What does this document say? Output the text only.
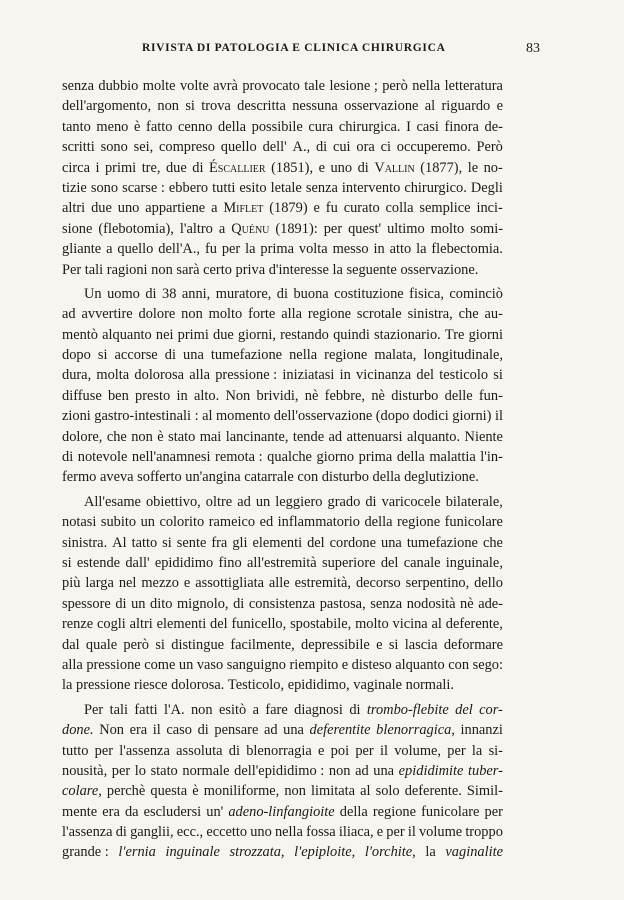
RIVISTA DI PATOLOGIA E CLINICA CHIRURGICA	83
senza dubbio molte volte avrà provocato tale lesione ; però nella letteratura
dell'argomento, non si trova descritta nessuna osservazione al riguardo e
tanto meno è fatto cenno della possibile cura chirurgica. I casi finora de-
scritti sono sei, compreso quello dell' A., di cui ora ci occuperemo. Però
circa i primi tre, due di Éscallier (1851), e uno di Vallin (1877), le no-
tizie sono scarse : ebbero tutti esito letale senza intervento chirurgico. Degli
altri due uno appartiene a Miflet (1879) e fu curato colla semplice inci-
sione (flebotomia), l'altro a Quénu (1891): per quest' ultimo molto somi-
gliante a quello dell'A., fu per la prima volta messo in atto la flebectomia.
Per
tali
ragioni
non
sarà
certo
priva
d'interesse
la
seguente
osservazione.
Un uomo di 38 anni, muratore, di buona costituzione fisica, cominciò
ad avvertire dolore non molto forte alla regione scrotale sinistra, che au-
mentò alquanto nei primi due giorni, restando quindi stazionario. Tre giorni
dopo si accorse di una tumefazione nella regione malata, longitudinale,
dura, molta dolorosa alla pressione : iniziatasi in vicinanza del testicolo si
diffuse ben presto in alto. Non brividi, nè febbre, nè disturbo delle fun-
zioni gastro-intestinali : al momento dell'osservazione (dopo dodici giorni) il
dolore, che non è stato mai lancinante, tende ad attenuarsi alquanto. Niente
di notevole nell'anamnesi remota : qualche giorno prima della malattia l'in-
fermo
aveva
sofferto
un'angina
catarrale
con
disturbo
della
deglutizione.
All'esame obiettivo, oltre ad un leggiero grado di varicocele bilaterale,
notasi subito un colorito rameico ed inflammatorio della regione funicolare
sinistra. Al tatto si sente fra gli elementi del cordone una tumefazione che
si estende dall' epididimo fino all'estremità superiore del canale inguinale,
più larga nel mezzo e assottigliata alle estremità, decorso serpentino, dello
spessore di un dito mignolo, di consistenza pastosa, senza nodosità nè ade-
renze cogli altri elementi del funicello, spostabile, molto vicina al deferente,
dal quale però si distingue facilmente, depressibile e si lascia deformare
alla pressione come un vaso sanguigno riempito e disteso alquanto con sego:
la
pressione
riesce
dolorosa.
Testicolo,
epididimo,
vaginale
normali.
Per tali fatti l'A. non esitò a fare diagnosi di trombo-flebite del cor-
done. Non era il caso di pensare ad una deferentite blenorragica, innanzi
tutto per l'assenza assoluta di blenorragia e poi per il volume, per la si-
nousità, per lo stato normale dell'epididimo : non ad una epididimite tuber-
colare, perchè questa è moniliforme, non limitata al solo deferente. Simil-
mente era da escludersi un' adeno-linfangioite della regione funicolare per
l'assenza di ganglii, ecc., eccetto uno nella fossa iliaca, e per il volume troppo
grande : l'ernia inguinale strozzata, l'epiploite, l'orchite, la vaginalite
